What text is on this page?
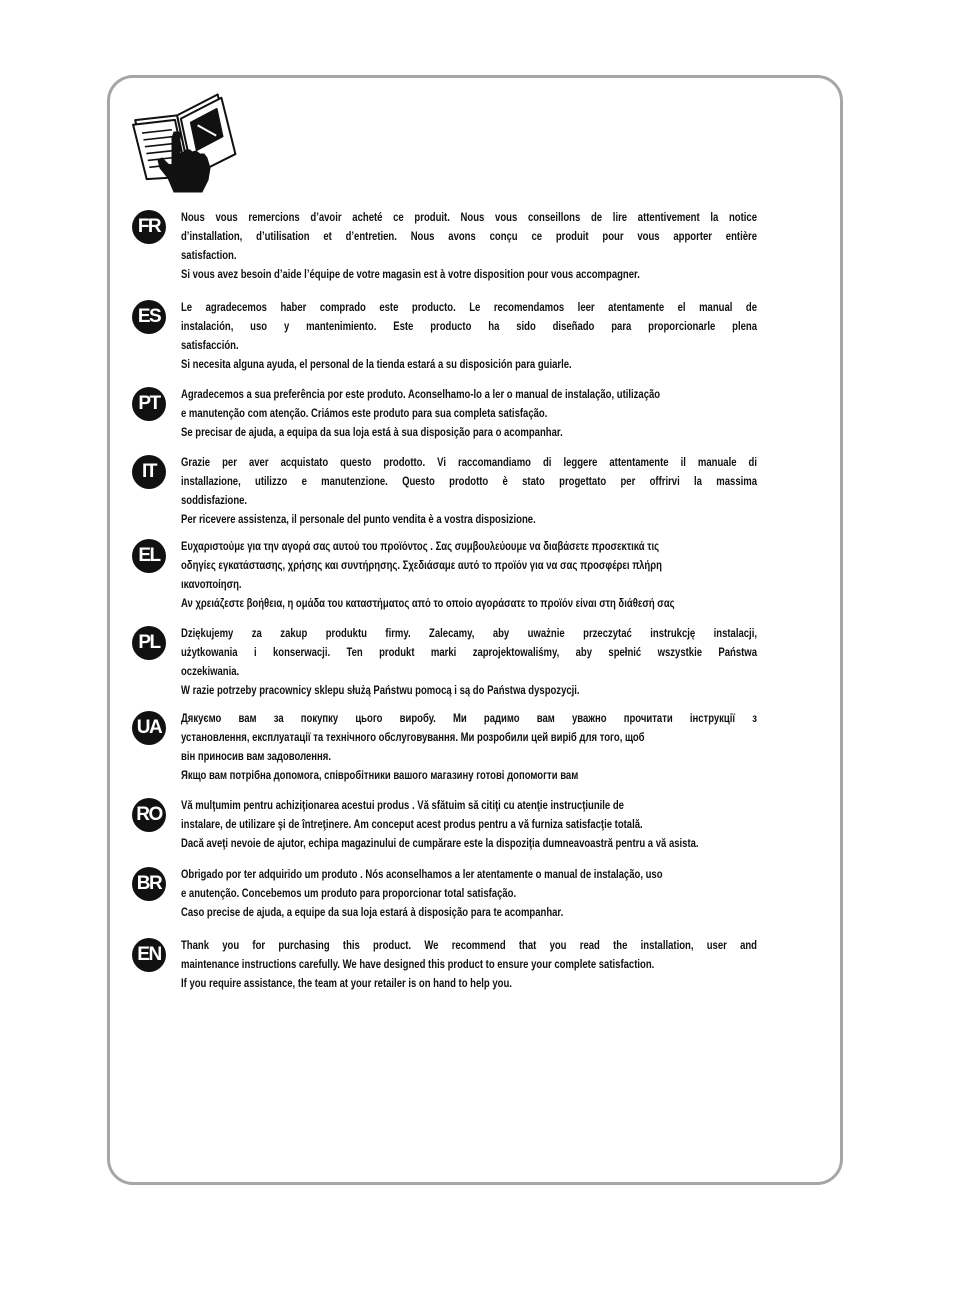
FR	Nous vous remercions d’avoir acheté ce produit. Nous vous conseillons de lire attentivement la notice
d’installation, d’utilisation et d’entretien. Nous avons conçu ce produit pour vous apporter entière
satisfaction.
Si vous avez besoin d’aide l’équipe de votre magasin est à votre disposition pour vous accompagner.
ES	Le agradecemos haber comprado este producto. Le recomendamos leer atentamente el manual de
instalación, uso y mantenimiento. Este producto ha sido diseñado para proporcionarle plena
satisfacción.
Si necesita alguna ayuda, el personal de la tienda estará a su disposición para guiarle.
PT	Agradecemos a sua preferência por este produto. Aconselhamo-lo a ler o manual de instalação, utilização
e manutenção com atenção. Criámos este produto para sua completa satisfação.
Se precisar de ajuda, a equipa da sua loja está à sua disposição para o acompanhar.
IT	Grazie per aver acquistato questo prodotto. Vi raccomandiamo di leggere attentamente il manuale di
installazione, utilizzo e manutenzione. Questo prodotto è stato progettato per offrirvi la massima
soddisfazione.
Per ricevere assistenza, il personale del punto vendita è a vostra disposizione.
EL	Ευχαριστούμε για την αγορά σας αυτού του προϊόντος . Σας συμβουλεύουμε να διαβάσετε προσεκτικά τις
οδηγίες εγκατάστασης, χρήσης και συντήρησης. Σχεδιάσαμε αυτό το προϊόν για να σας προσφέρει πλήρη
ικανοποίηση.
Αν χρειάζεστε βοήθεια, η ομάδα του καταστήματος από το οποίο αγοράσατε το προϊόν είναι στη διάθεσή σας
PL	Dziękujemy za zakup produktu firmy. Zalecamy, aby uważnie przeczytać instrukcję instalacji,
użytkowania i konserwacji. Ten produkt marki zaprojektowaliśmy, aby spełnić wszystkie Państwa
oczekiwania.
W razie potrzeby pracownicy sklepu służą Państwu pomocą i są do Państwa dyspozycji.
UA	Дякуємо вам за покупку цього виробу. Ми радимо вам уважно прочитати інструкції з
установлення, експлуатації та технічного обслуговування. Ми розробили цей виріб для того, щоб
він приносив вам задоволення.
Якщо вам потрібна допомога, співробітники вашого магазину готові допомогти вам
RO	Vă mulţumim pentru achiziţionarea acestui produs . Vă sfătuim să citiţi cu atenţie instrucţiunile de
instalare, de utilizare şi de întreţinere. Am conceput acest produs pentru a vă furniza satisfacţie totală.
Dacă aveţi nevoie de ajutor, echipa magazinului de cumpărare este la dispoziţia dumneavoastră pentru a vă asista.
BR	Obrigado por ter adquirido um produto . Nós aconselhamos a ler atentamente o manual de instalação, uso
e anutenção. Concebemos um produto para proporcionar total satisfação.
Caso precise de ajuda, a equipe da sua loja estará à disposição para te acompanhar.
EN	Thank you for purchasing this product. We recommend that you read the installation, user and
maintenance instructions carefully. We have designed this product to ensure your complete satisfaction.
If you require assistance, the team at your retailer is on hand to help you.
